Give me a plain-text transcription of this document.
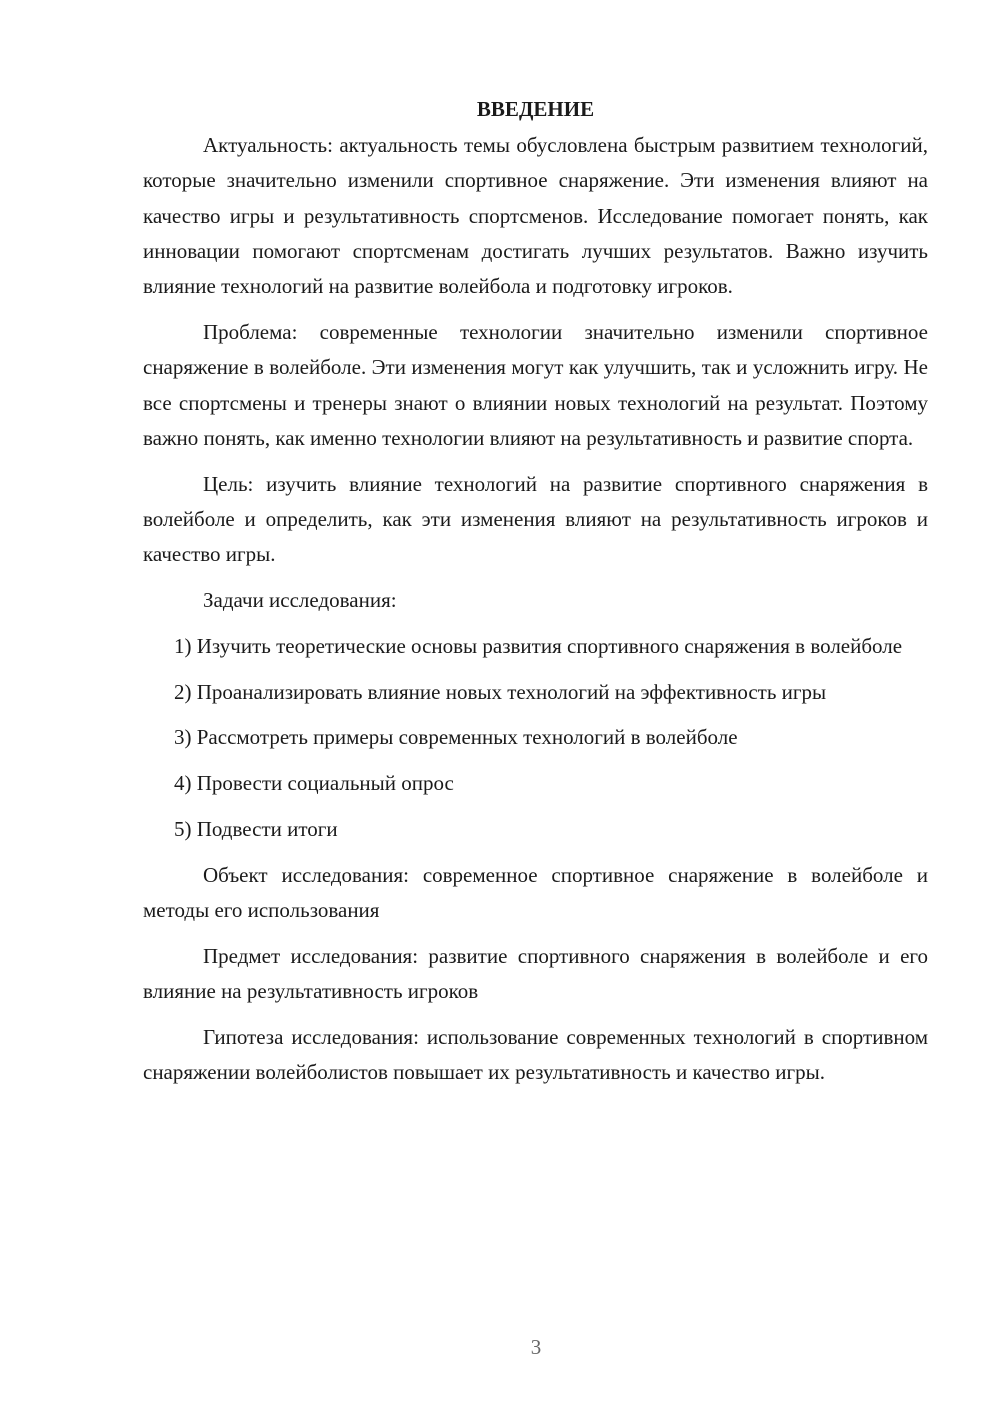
ВВЕДЕНИЕ

Актуальность: актуальность темы обусловлена быстрым развитием технологий, которые значительно изменили спортивное снаряжение. Эти изменения влияют на качество игры и результативность спортсменов. Исследование помогает понять, как инновации помогают спортсменам достигать лучших результатов. Важно изучить влияние технологий на развитие волейбола и подготовку игроков.

Проблема: современные технологии значительно изменили спортивное снаряжение в волейболе. Эти изменения могут как улучшить, так и усложнить игру. Не все спортсмены и тренеры знают о влиянии новых технологий на результат. Поэтому важно понять, как именно технологии влияют на результативность и развитие спорта.

Цель: изучить влияние технологий на развитие спортивного снаряжения в волейболе и определить, как эти изменения влияют на результативность игроков и качество игры.

Задачи исследования:

1) Изучить теоретические основы развития спортивного снаряжения в волейболе

2) Проанализировать влияние новых технологий на эффективность игры

3) Рассмотреть примеры современных технологий в волейболе

4) Провести социальный опрос

5) Подвести итоги

Объект исследования: современное спортивное снаряжение в волейболе и методы его использования

Предмет исследования: развитие спортивного снаряжения в волейболе и его влияние на результативность игроков

Гипотеза исследования: использование современных технологий в спортивном снаряжении волейболистов повышает их результативность и качество игры.

3
